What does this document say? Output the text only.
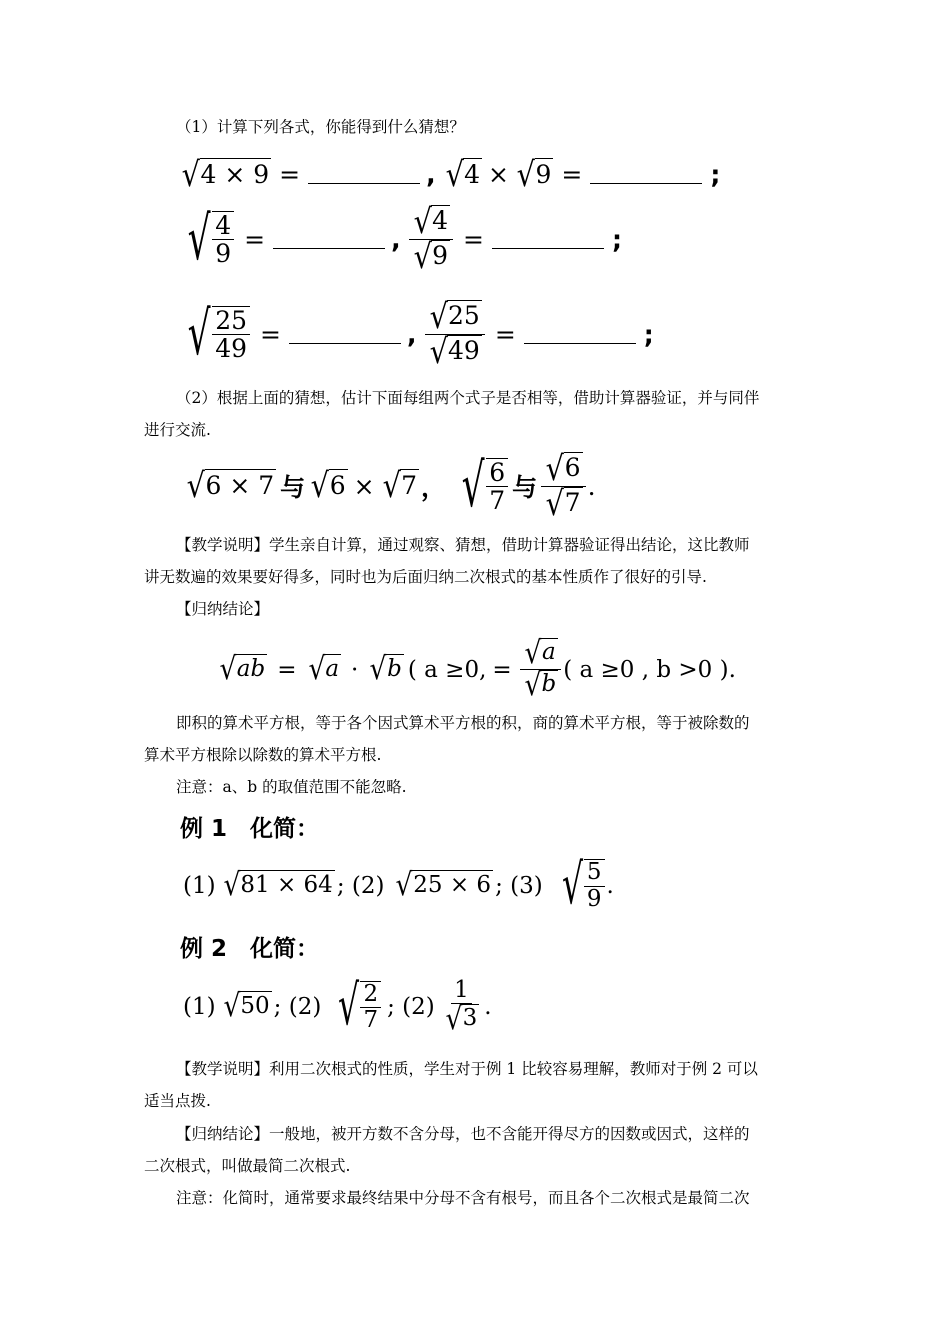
（1）计算下列各式，你能得到什么猜想？
√ 4 × 9 =	, √ 4 × √ 9 =	;
√ $\frac{4}{9}$ =	, $\frac{√ 4}{√ 9}$ =	;
√ $\frac{25}{49}$ =	, $\frac{√ 25}{√ 49}$ =	;
（2）根据上面的猜想，估计下面每组两个式子是否相等，借助计算器验证，并与同伴
进行交流.
√ 6 × 7 与 √ 6 × √ 7 ， √ $\frac{6}{7}$ 与 $\frac{√ 6}{√ 7}$ .
【教学说明】学生亲自计算，通过观察、猜想，借助计算器验证得出结论，这比教师
讲无数遍的效果要好得多，同时也为后面归纳二次根式的基本性质作了很好的引导.
【归纳结论】
√ ab = √ a · √ b ( a ≥0, = $\frac{√ a}{√ b}$ ( a ≥0 , b >0 ).
即积的算术平方根，等于各个因式算术平方根的积，商的算术平方根，等于被除数的
算术平方根除以除数的算术平方根.
注意：a、b 的取值范围不能忽略.
例 1　化简：
(1) √ 81 × 64 ; (2) √ 25 × 6 ; (3) √ $\frac{5}{9}$ .
例 2　化简：
(1) √ 50 ; (2) √ $\frac{2}{7}$ ; $(2) \frac{1}{√ 3}$ .
【教学说明】利用二次根式的性质，学生对于例 1 比较容易理解，教师对于例 2 可以
适当点拨.
【归纳结论】一般地，被开方数不含分母，也不含能开得尽方的因数或因式，这样的
二次根式，叫做最简二次根式.
注意：化简时，通常要求最终结果中分母不含有根号，而且各个二次根式是最简二次
